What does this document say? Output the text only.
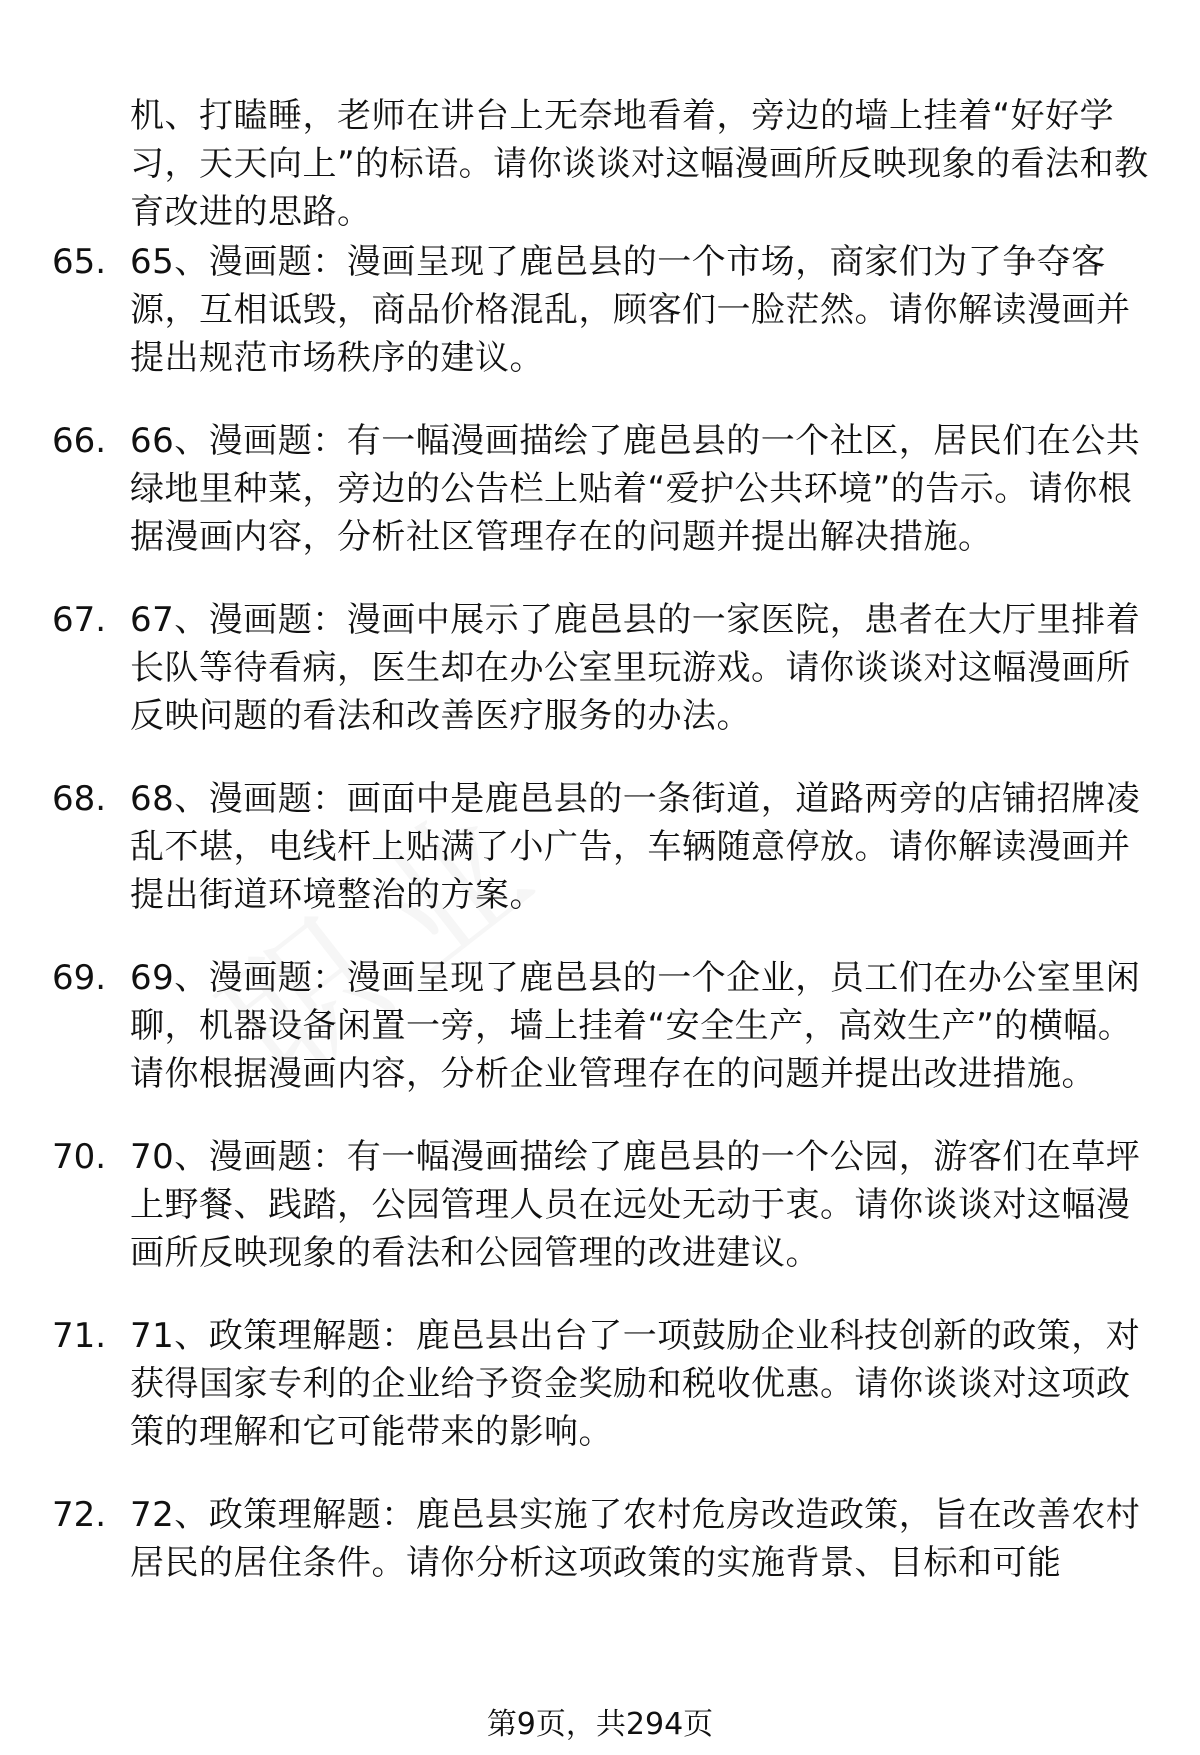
机、打瞌睡，老师在讲台上无奈地看着，旁边的墙上挂着“好好学习，天天向上”的标语。请你谈谈对这幅漫画所反映现象的看法和教育改进的思路。

65. 65、漫画题：漫画呈现了鹿邑县的一个市场，商家们为了争夺客源，互相诋毁，商品价格混乱，顾客们一脸茫然。请你解读漫画并提出规范市场秩序的建议。
66. 66、漫画题：有一幅漫画描绘了鹿邑县的一个社区，居民们在公共绿地里种菜，旁边的公告栏上贴着“爱护公共环境”的告示。请你根据漫画内容，分析社区管理存在的问题并提出解决措施。
67. 67、漫画题：漫画中展示了鹿邑县的一家医院，患者在大厅里排着长队等待看病，医生却在办公室里玩游戏。请你谈谈对这幅漫画所反映问题的看法和改善医疗服务的办法。
68. 68、漫画题：画面中是鹿邑县的一条街道，道路两旁的店铺招牌凌乱不堪，电线杆上贴满了小广告，车辆随意停放。请你解读漫画并提出街道环境整治的方案。
69. 69、漫画题：漫画呈现了鹿邑县的一个企业，员工们在办公室里闲聊，机器设备闲置一旁，墙上挂着“安全生产，高效生产”的横幅。请你根据漫画内容，分析企业管理存在的问题并提出改进措施。
70. 70、漫画题：有一幅漫画描绘了鹿邑县的一个公园，游客们在草坪上野餐、践踏，公园管理人员在远处无动于衷。请你谈谈对这幅漫画所反映现象的看法和公园管理的改进建议。
71. 71、政策理解题：鹿邑县出台了一项鼓励企业科技创新的政策，对获得国家专利的企业给予资金奖励和税收优惠。请你谈谈对这项政策的理解和它可能带来的影响。
72. 72、政策理解题：鹿邑县实施了农村危房改造政策，旨在改善农村居民的居住条件。请你分析这项政策的实施背景、目标和可能
第9页，共294页
